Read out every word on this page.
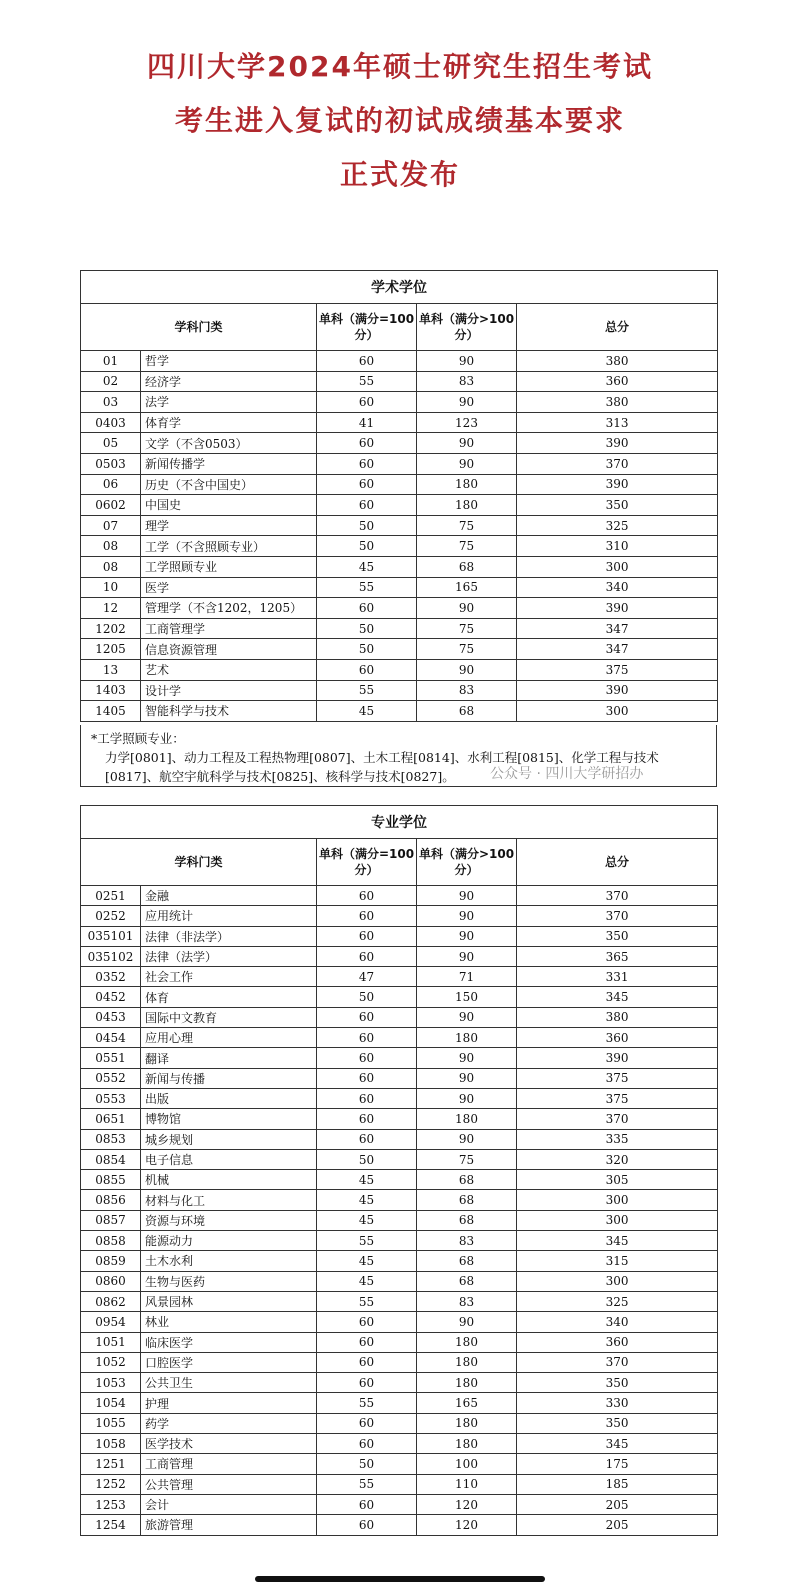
四川大学2024年硕士研究生招生考试
考生进入复试的初试成绩基本要求
正式发布
学术学位				
学科门类		单科（满分=100分）	单科（满分>100分）	总分
01	哲学	60	90	380
02	经济学	55	83	360
03	法学	60	90	380
0403	体育学	41	123	313
05	文学（不含0503）	60	90	390
0503	新闻传播学	60	90	370
06	历史（不含中国史）	60	180	390
0602	中国史	60	180	350
07	理学	50	75	325
08	工学（不含照顾专业）	50	75	310
08	工学照顾专业	45	68	300
10	医学	55	165	340
12	管理学（不含1202，1205）	60	90	390
1202	工商管理学	50	75	347
1205	信息资源管理	50	75	347
13	艺术	60	90	375
1403	设计学	55	83	390
1405	智能科学与技术	45	68	300
*工学照顾专业：
力学[0801]、动力工程及工程热物理[0807]、土木工程[0814]、水利工程[0815]、化学工程与技术[0817]、航空宇航科学与技术[0825]、核科学与技术[0827]。	公众号 · 四川大学研招办
专业学位				
学科门类		单科（满分=100分）	单科（满分>100分）	总分
0251	金融	60	90	370
0252	应用统计	60	90	370
035101	法律（非法学）	60	90	350
035102	法律（法学）	60	90	365
0352	社会工作	47	71	331
0452	体育	50	150	345
0453	国际中文教育	60	90	380
0454	应用心理	60	180	360
0551	翻译	60	90	390
0552	新闻与传播	60	90	375
0553	出版	60	90	375
0651	博物馆	60	180	370
0853	城乡规划	60	90	335
0854	电子信息	50	75	320
0855	机械	45	68	305
0856	材料与化工	45	68	300
0857	资源与环境	45	68	300
0858	能源动力	55	83	345
0859	土木水利	45	68	315
0860	生物与医药	45	68	300
0862	风景园林	55	83	325
0954	林业	60	90	340
1051	临床医学	60	180	360
1052	口腔医学	60	180	370
1053	公共卫生	60	180	350
1054	护理	55	165	330
1055	药学	60	180	350
1058	医学技术	60	180	345
1251	工商管理	50	100	175
1252	公共管理	55	110	185
1253	会计	60	120	205
1254	旅游管理	60	120	205
